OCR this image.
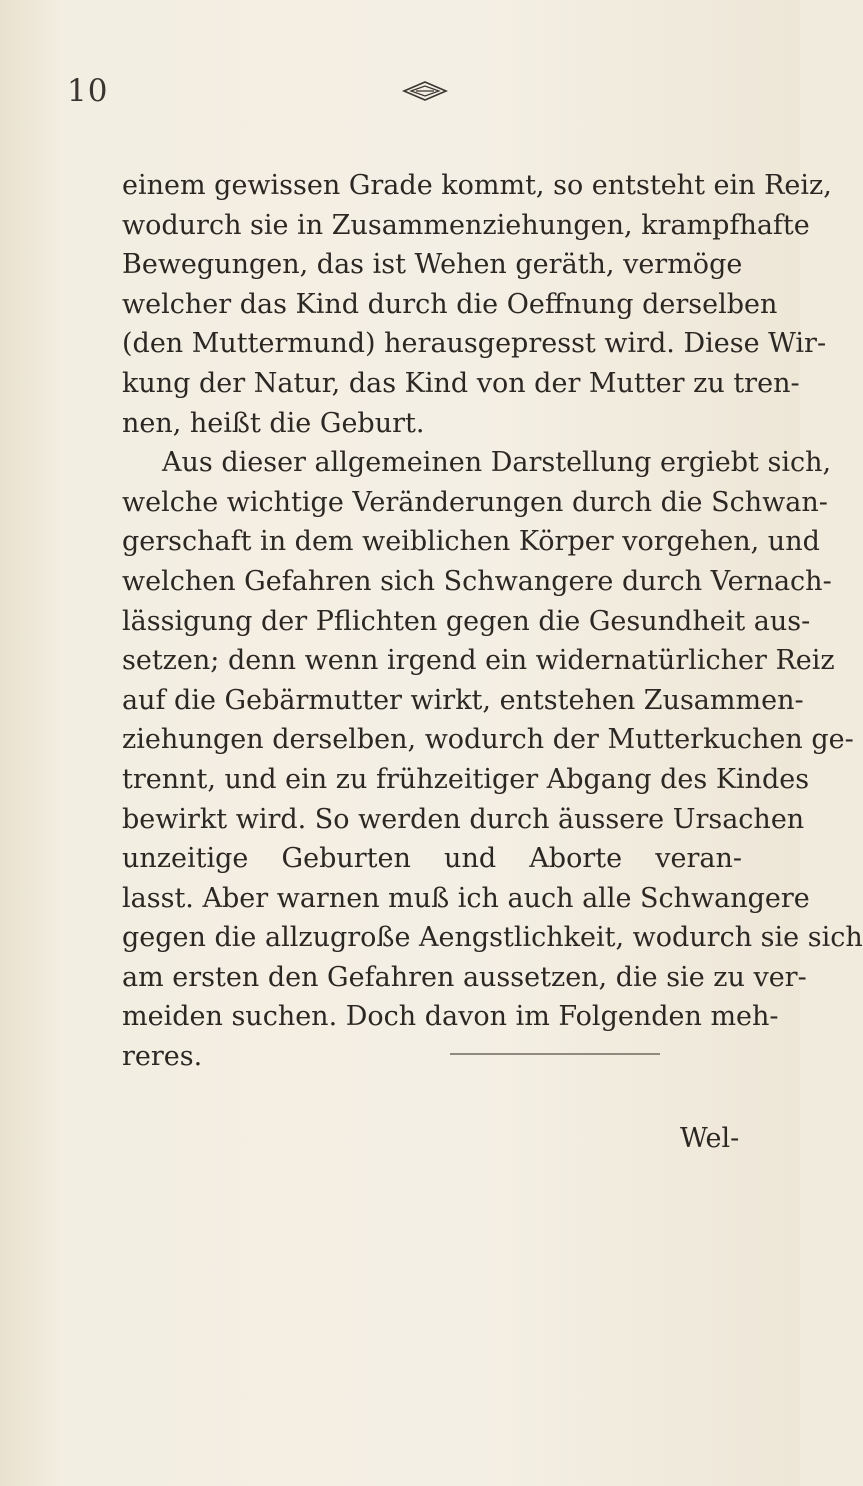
10
einem gewissen Grade kommt, so entsteht ein Reiz,
wodurch sie in Zusammenziehungen, krampfhafte
Bewegungen, das ist Wehen geräth, vermöge
welcher das Kind durch die Oeffnung derselben
(den Muttermund) herausgepresst wird. Diese Wir-
kung der Natur, das Kind von der Mutter zu tren-
nen, heißt die Geburt.
Aus dieser allgemeinen Darstellung ergiebt sich,
welche wichtige Veränderungen durch die Schwan-
gerschaft in dem weiblichen Körper vorgehen, und
welchen Gefahren sich Schwangere durch Vernach-
lässigung der Pflichten gegen die Gesundheit aus-
setzen; denn wenn irgend ein widernatürlicher Reiz
auf die Gebärmutter wirkt, entstehen Zusammen-
ziehungen derselben, wodurch der Mutterkuchen ge-
trennt, und ein zu frühzeitiger Abgang des Kindes
bewirkt wird. So werden durch äussere Ursachen
unzeitige Geburten und Aborte veran-
lasst. Aber warnen muß ich auch alle Schwangere
gegen die allzugroße Aengstlichkeit, wodurch sie sich
am ersten den Gefahren aussetzen, die sie zu ver-
meiden suchen. Doch davon im Folgenden meh-
reres.
Wel-
